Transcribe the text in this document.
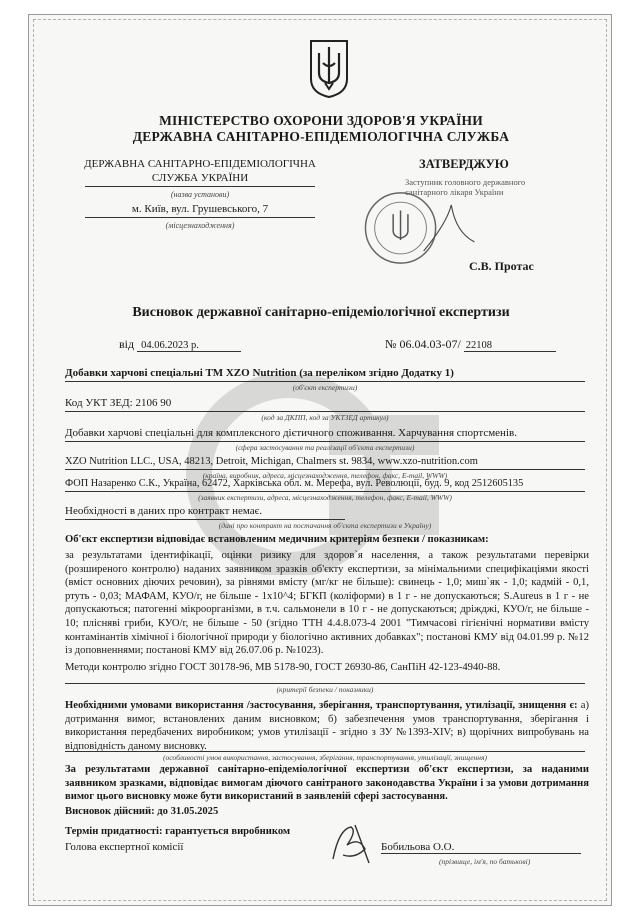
МІНІСТЕРСТВО ОХОРОНИ ЗДОРОВ'Я УКРАЇНИ
ДЕРЖАВНА САНІТАРНО-ЕПІДЕМІОЛОГІЧНА СЛУЖБА
ДЕРЖАВНА САНІТАРНО-ЕПІДЕМІОЛОГІЧНА
СЛУЖБА УКРАЇНИ
(назва установи)
м. Київ, вул. Грушевського, 7
(місцезнаходження)
ЗАТВЕРДЖУЮ
Заступник головного державного
санітарного лікаря України
С.В. Протас
Висновок державної санітарно-епідеміологічної експертизи
від 04.06.2023 р.	№ 06.04.03-07/ 22108
Добавки харчові спеціальні ТМ XZO Nutrition (за переліком згідно Додатку 1)
(об'єкт експертизи)
Код УКТ ЗЕД: 2106 90
(код за ДКПП, код за УКТЗЕД артикул)
Добавки харчові спеціальні для комплексного дієтичного споживання. Харчування спортсменів.
(сфера застосування та реалізації об'єкта експертизи)
XZO Nutrition LLC., USA, 48213, Detroit, Michigan, Chalmers st. 9834, www.xzo-nutrition.com
(країна, виробник, адреса, місцезнаходження, телефон, факс, E-mail, WWW)
ФОП Назаренко С.К., Україна, 62472, Харківська обл. м. Мерефа, вул. Революції, буд. 9, код 2512605135
(заявник експертизи, адреса, місцезнаходження, телефон, факс, E-mail, WWW)
Необхідності в даних про контракт немає.
(дані про контракт на постачання об'єкта експертизи в Україну)
Об'єкт експертизи відповідає встановленим медичним критеріям безпеки / показникам:
за результатами ідентифікації, оцінки ризику для здоров`я населення, а також результатами перевірки (розширеного контролю) наданих заявником зразків об'єкту експертизи, за мінімальними специфікаціями якості (вміст основних діючих речовин), за рівнями вмісту (мг/кг не більше): свинець - 1,0; миш`як - 1,0; кадмій - 0,1, ртуть - 0,03; МАФАМ, КУО/г, не більше - 1х10^4; БГКП (коліформи) в 1 г - не допускаються; S.Aureus в 1 г - не допускаються; патогенні мікроорганізми, в т.ч. сальмонели в 10 г - не допускаються; дріжджі, КУО/г, не більше - 10; плісняві гриби, КУО/г, не більше - 50 (згідно ТТН 4.4.8.073-4 2001 "Тимчасові гігієнічні нормативи вмісту контамінантів хімічної і біологічної природи у біологічно активних добавках"; постанові КМУ від 04.01.99 р. №12 із доповненнями; постанові КМУ від 26.07.06 р. №1023).
Методи контролю згідно ГОСТ 30178-96, МВ 5178-90, ГОСТ 26930-86, СанПіН 42-123-4940-88.
(критерії безпеки / показники)
Необхідними умовами використання /застосування, зберігання, транспортування, утилізації, знищення є: а) дотримання вимог, встановлених даним висновком; б) забезпечення умов транспортування, зберігання і використання передбачених виробником; умов утилізації - згідно з ЗУ №1393-XIV; в) щорічних випробувань на відповідність даному висновку.
(особливості умов використання, застосування, зберігання, транспортування, утилізації, знищення)
За результатами державної санітарно-епідеміологічної експертизи об'єкт експертизи, за наданими заявником зразками, відповідає вимогам діючого санітраного законодавства України і за умови дотримання вимог цього висновку може бути використаний в заявленій сфері застосування.
Висновок дійсний: до 31.05.2025
Термін придатності: гарантується виробником
Голова експертної комісії	Бобильова О.О.
(прізвище, ім'я, по батькові)
